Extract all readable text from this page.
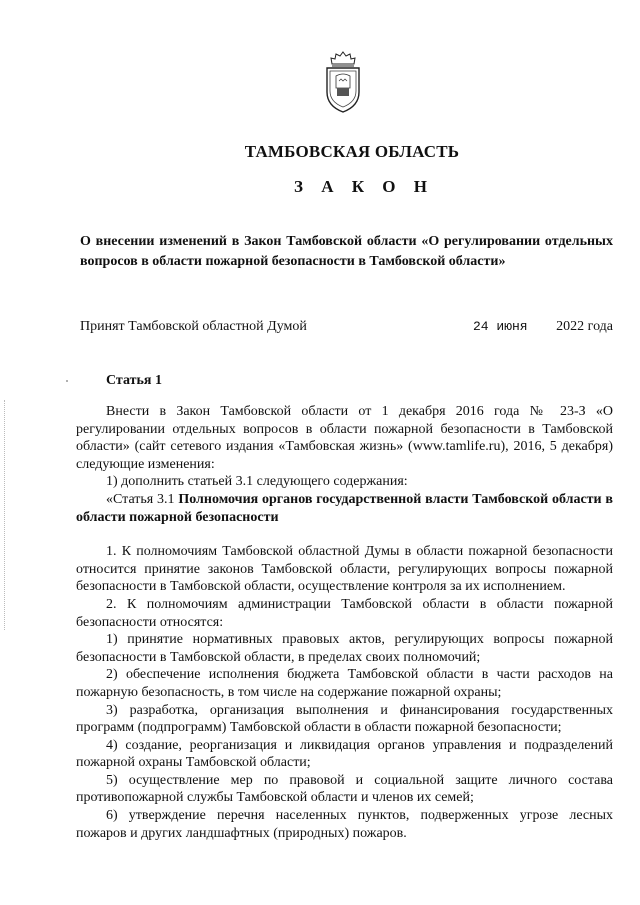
ТАМБОВСКАЯ ОБЛАСТЬ
З А К О Н
О внесении изменений в Закон Тамбовской области «О регулировании отдельных вопросов в области пожарной безопасности в Тамбовской области»
Принят Тамбовской областной Думой	24 июня 2022 года
Статья 1

Внести в Закон Тамбовской области от 1 декабря 2016 года № 23-З «О регулировании отдельных вопросов в области пожарной безопасности в Тамбовской области» (сайт сетевого издания «Тамбовская жизнь» (www.tamlife.ru), 2016, 5 декабря) следующие изменения:

1) дополнить статьей 3.1 следующего содержания:

«Статья 3.1 Полномочия органов государственной власти Тамбовской области в области пожарной безопасности

1. К полномочиям Тамбовской областной Думы в области пожарной безопасности относится принятие законов Тамбовской области, регулирующих вопросы пожарной безопасности в Тамбовской области, осуществление контроля за их исполнением.

2. К полномочиям администрации Тамбовской области в области пожарной безопасности относятся:

1) принятие нормативных правовых актов, регулирующих вопросы пожарной безопасности в Тамбовской области, в пределах своих полномочий;

2) обеспечение исполнения бюджета Тамбовской области в части расходов на пожарную безопасность, в том числе на содержание пожарной охраны;

3) разработка, организация выполнения и финансирования государственных программ (подпрограмм) Тамбовской области в области пожарной безопасности;

4) создание, реорганизация и ликвидация органов управления и подразделений пожарной охраны Тамбовской области;

5) осуществление мер по правовой и социальной защите личного состава противопожарной службы Тамбовской области и членов их семей;

6) утверждение перечня населенных пунктов, подверженных угрозе лесных пожаров и других ландшафтных (природных) пожаров.
